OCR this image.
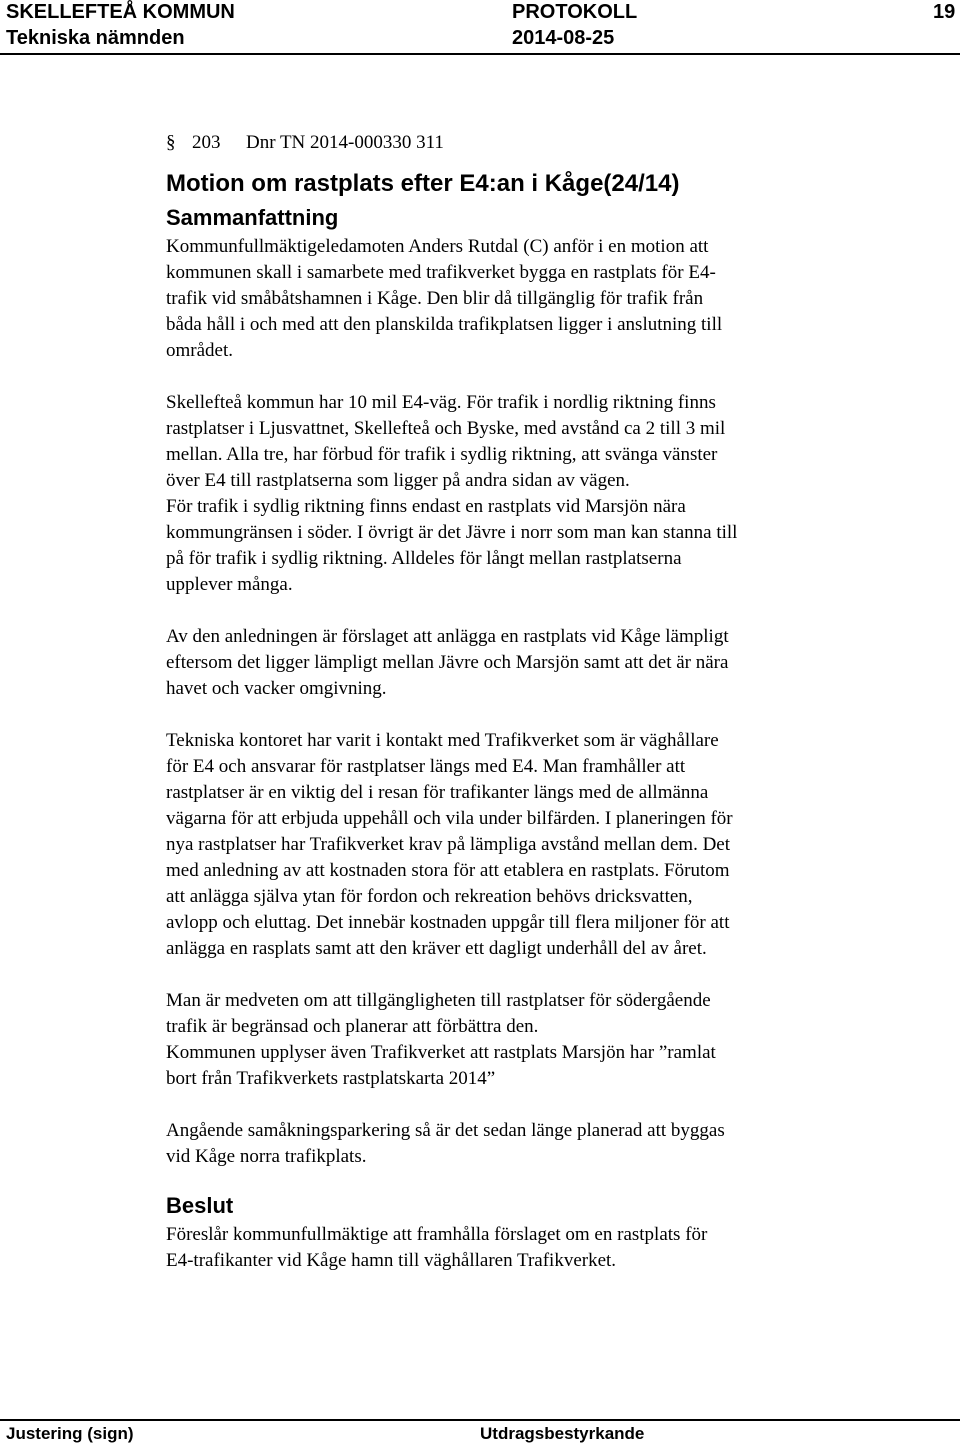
SKELLEFTEÅ KOMMUN	PROTOKOLL	19
Tekniska nämnden	2014-08-25
§ 203 Dnr TN 2014-000330 311
Motion om rastplats efter E4:an i Kåge(24/14)
Sammanfattning

Kommunfullmäktigeledamoten Anders Rutdal (C) anför i en motion att
kommunen skall i samarbete med trafikverket bygga en rastplats för E4-
trafik vid småbåtshamnen i Kåge. Den blir då tillgänglig för trafik från
båda håll i och med att den planskilda trafikplatsen ligger i anslutning till
området.

Skellefteå kommun har 10 mil E4-väg. För trafik i nordlig riktning finns
rastplatser i Ljusvattnet, Skellefteå och Byske, med avstånd ca 2 till 3 mil
mellan. Alla tre, har förbud för trafik i sydlig riktning, att svänga vänster
över E4 till rastplatserna som ligger på andra sidan av vägen.
För trafik i sydlig riktning finns endast en rastplats vid Marsjön nära
kommungränsen i söder. I övrigt är det Jävre i norr som man kan stanna till
på för trafik i sydlig riktning. Alldeles för långt mellan rastplatserna
upplever många.

Av den anledningen är förslaget att anlägga en rastplats vid Kåge lämpligt
eftersom det ligger lämpligt mellan Jävre och Marsjön samt att det är nära
havet och vacker omgivning.

Tekniska kontoret har varit i kontakt med Trafikverket som är väghållare
för E4 och ansvarar för rastplatser längs med E4. Man framhåller att
rastplatser är en viktig del i resan för trafikanter längs med de allmänna
vägarna för att erbjuda uppehåll och vila under bilfärden. I planeringen för
nya rastplatser har Trafikverket krav på lämpliga avstånd mellan dem. Det
med anledning av att kostnaden stora för att etablera en rastplats. Förutom
att anlägga själva ytan för fordon och rekreation behövs dricksvatten,
avlopp och eluttag. Det innebär kostnaden uppgår till flera miljoner för att
anlägga en rasplats samt att den kräver ett dagligt underhåll del av året.

Man är medveten om att tillgängligheten till rastplatser för södergående
trafik är begränsad och planerar att förbättra den.
Kommunen upplyser även Trafikverket att rastplats Marsjön har ”ramlat
bort från Trafikverkets rastplatskarta 2014”

Angående samåkningsparkering så är det sedan länge planerad att byggas
vid Kåge norra trafikplats.

Beslut

Föreslår kommunfullmäktige att framhålla förslaget om en rastplats för
E4-trafikanter vid Kåge hamn till väghållaren Trafikverket.

Justering (sign)	Utdragsbestyrkande
